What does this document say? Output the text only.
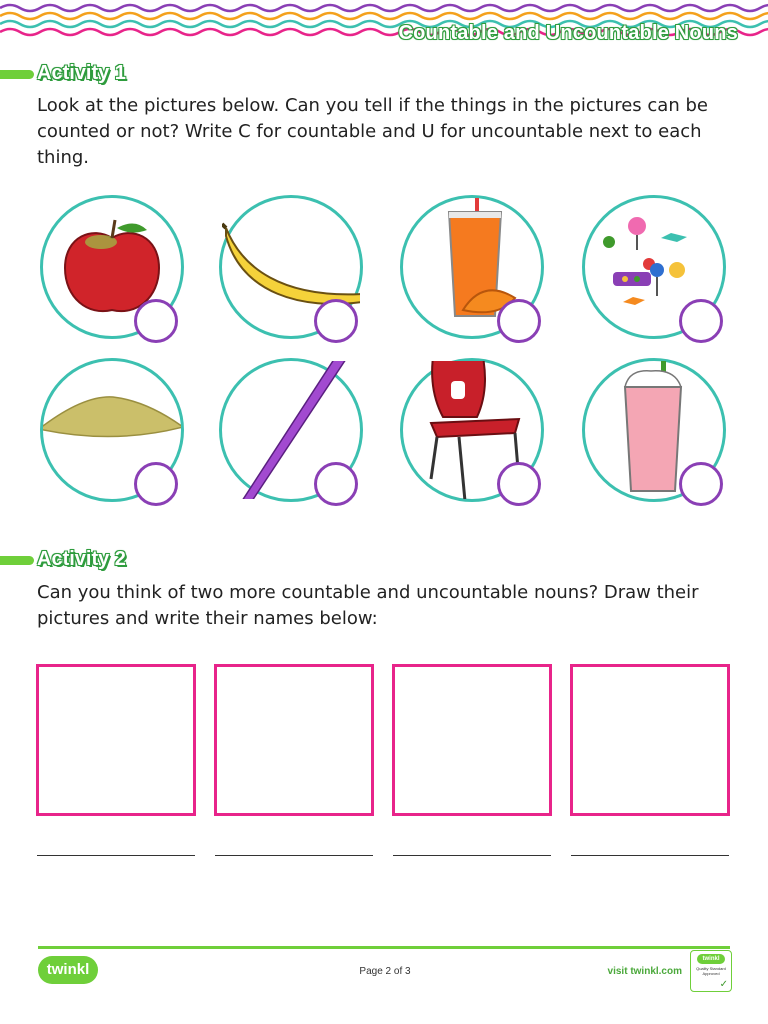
Countable and Uncountable Nouns
Activity 1
Look at the pictures below. Can you tell if the things in the pictures can be counted or not? Write C for countable and U for uncountable next to each thing.
Activity 2
Can you think of two more countable and uncountable nouns? Draw their pictures and write their names below:
twinkl	Page 2 of 3	visit twinkl.com
twinkl
Quality Standard
Approved
✓
